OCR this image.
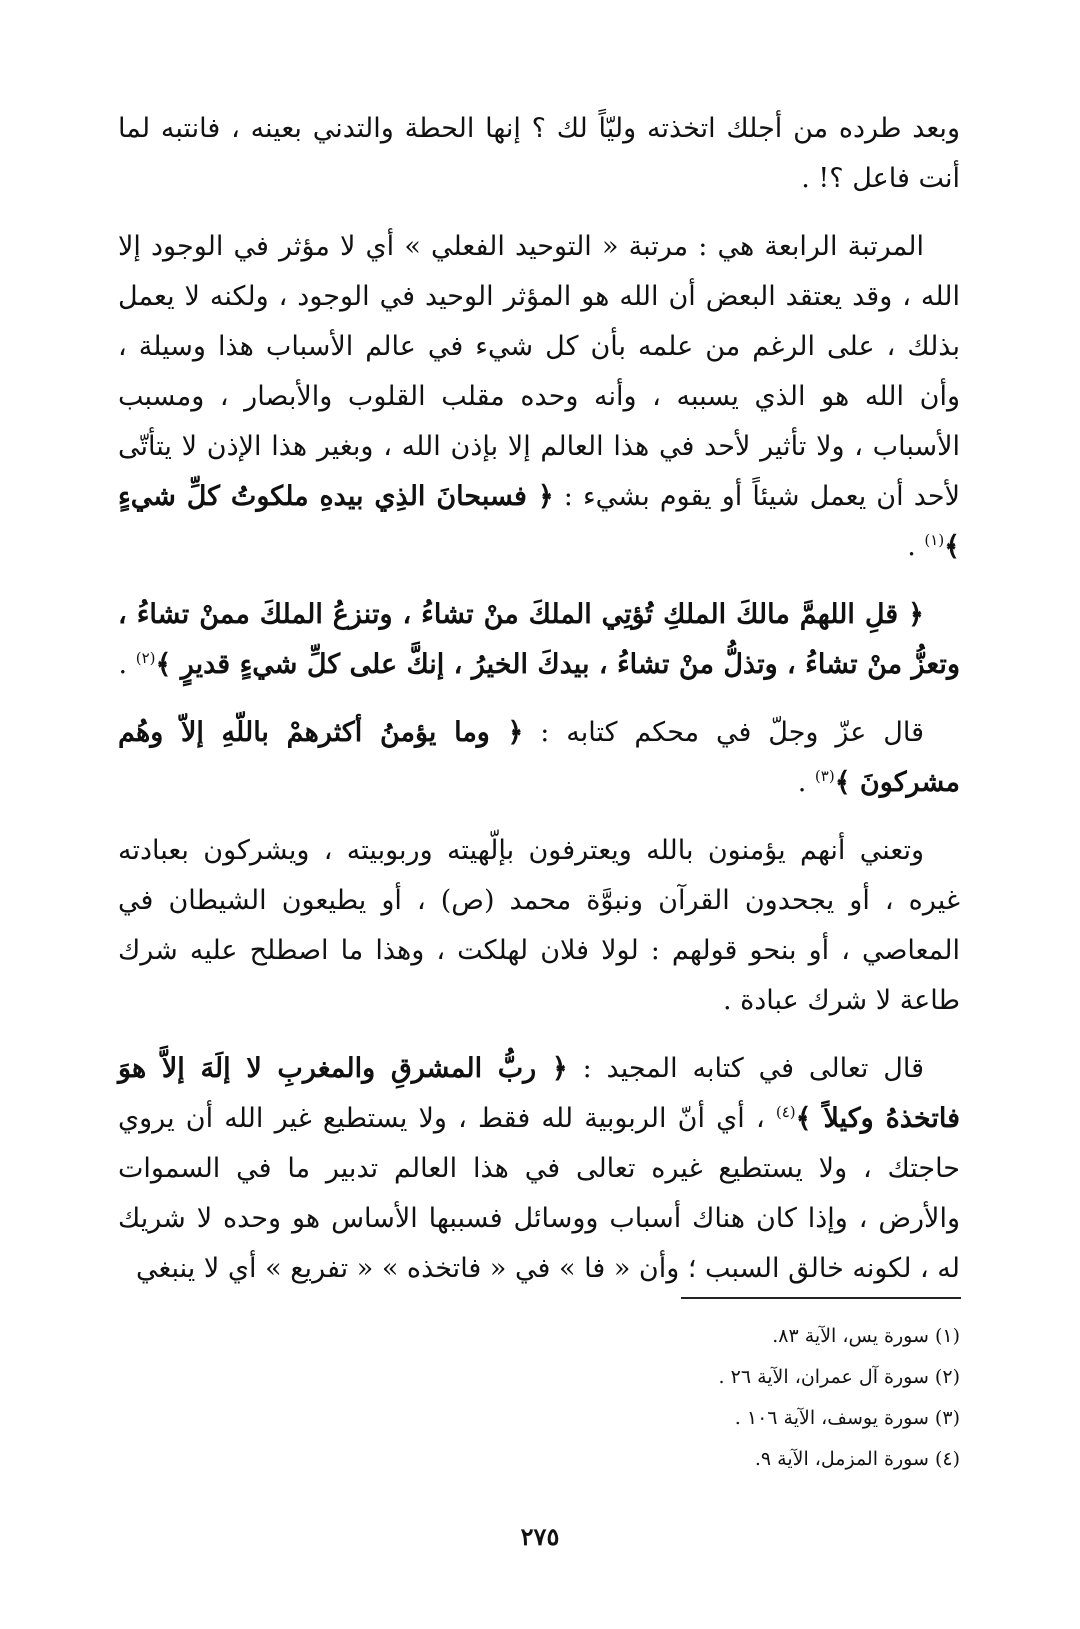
وبعد طرده من أجلك اتخذته وليّاً لك ؟ إنها الحطة والتدني بعينه ، فانتبه لما أنت فاعل ؟! .

المرتبة الرابعة هي : مرتبة « التوحيد الفعلي » أي لا مؤثر في الوجود إلا الله ، وقد يعتقد البعض أن الله هو المؤثر الوحيد في الوجود ، ولكنه لا يعمل بذلك ، على الرغم من علمه بأن كل شيء في عالم الأسباب هذا وسيلة ، وأن الله هو الذي يسببه ، وأنه وحده مقلب القلوب والأبصار ، ومسبب الأسباب ، ولا تأثير لأحد في هذا العالم إلا بإذن الله ، وبغير هذا الإذن لا يتأتّى لأحد أن يعمل شيئاً أو يقوم بشيء : ﴿ فسبحانَ الذِي بيدهِ ملكوتُ كلِّ شيءٍ ﴾$^{(١)}$ .

﴿ قلِ اللهمَّ مالكَ الملكِ تُؤتِي الملكَ منْ تشاءُ ، وتنزعُ الملكَ ممنْ تشاءُ ، وتعزُّ منْ تشاءُ ، وتذلُّ منْ تشاءُ ، بيدكَ الخيرُ ، إنكَّ على كلِّ شيءٍ قديرٍ ﴾$^{(٢)}$ .

قال عزّ وجلّ في محكم كتابه : ﴿ وما يؤمنُ أكثرهمْ باللّهِ إلاّ وهُم مشركونَ ﴾$^{(٣)}$ .

وتعني أنهم يؤمنون بالله ويعترفون بإلّهيته وربوبيته ، ويشركون بعبادته غيره ، أو يجحدون القرآن ونبوَّة محمد (ص) ، أو يطيعون الشيطان في المعاصي ، أو بنحو قولهم : لولا فلان لهلكت ، وهذا ما اصطلح عليه شرك طاعة لا شرك عبادة .

قال تعالى في كتابه المجيد : ﴿ ربُّ المشرقِ والمغربِ لا إلَهَ إلاَّ هوَ فاتخذهُ وكيلاً ﴾$^{(٤)}$ ، أي أنّ الربوبية لله فقط ، ولا يستطيع غير الله أن يروي حاجتك ، ولا يستطيع غيره تعالى في هذا العالم تدبير ما في السموات والأرض ، وإذا كان هناك أسباب ووسائل فسببها الأساس هو وحده لا شريك له ، لكونه خالق السبب ؛ وأن « فا » في « فاتخذه » « تفريع » أي لا ينبغي

(١) سورة يس، الآية ٨٣.
(٢) سورة آل عمران، الآية ٢٦ .
(٣) سورة يوسف، الآية ١٠٦ .
(٤) سورة المزمل، الآية ٩.
٢٧٥
